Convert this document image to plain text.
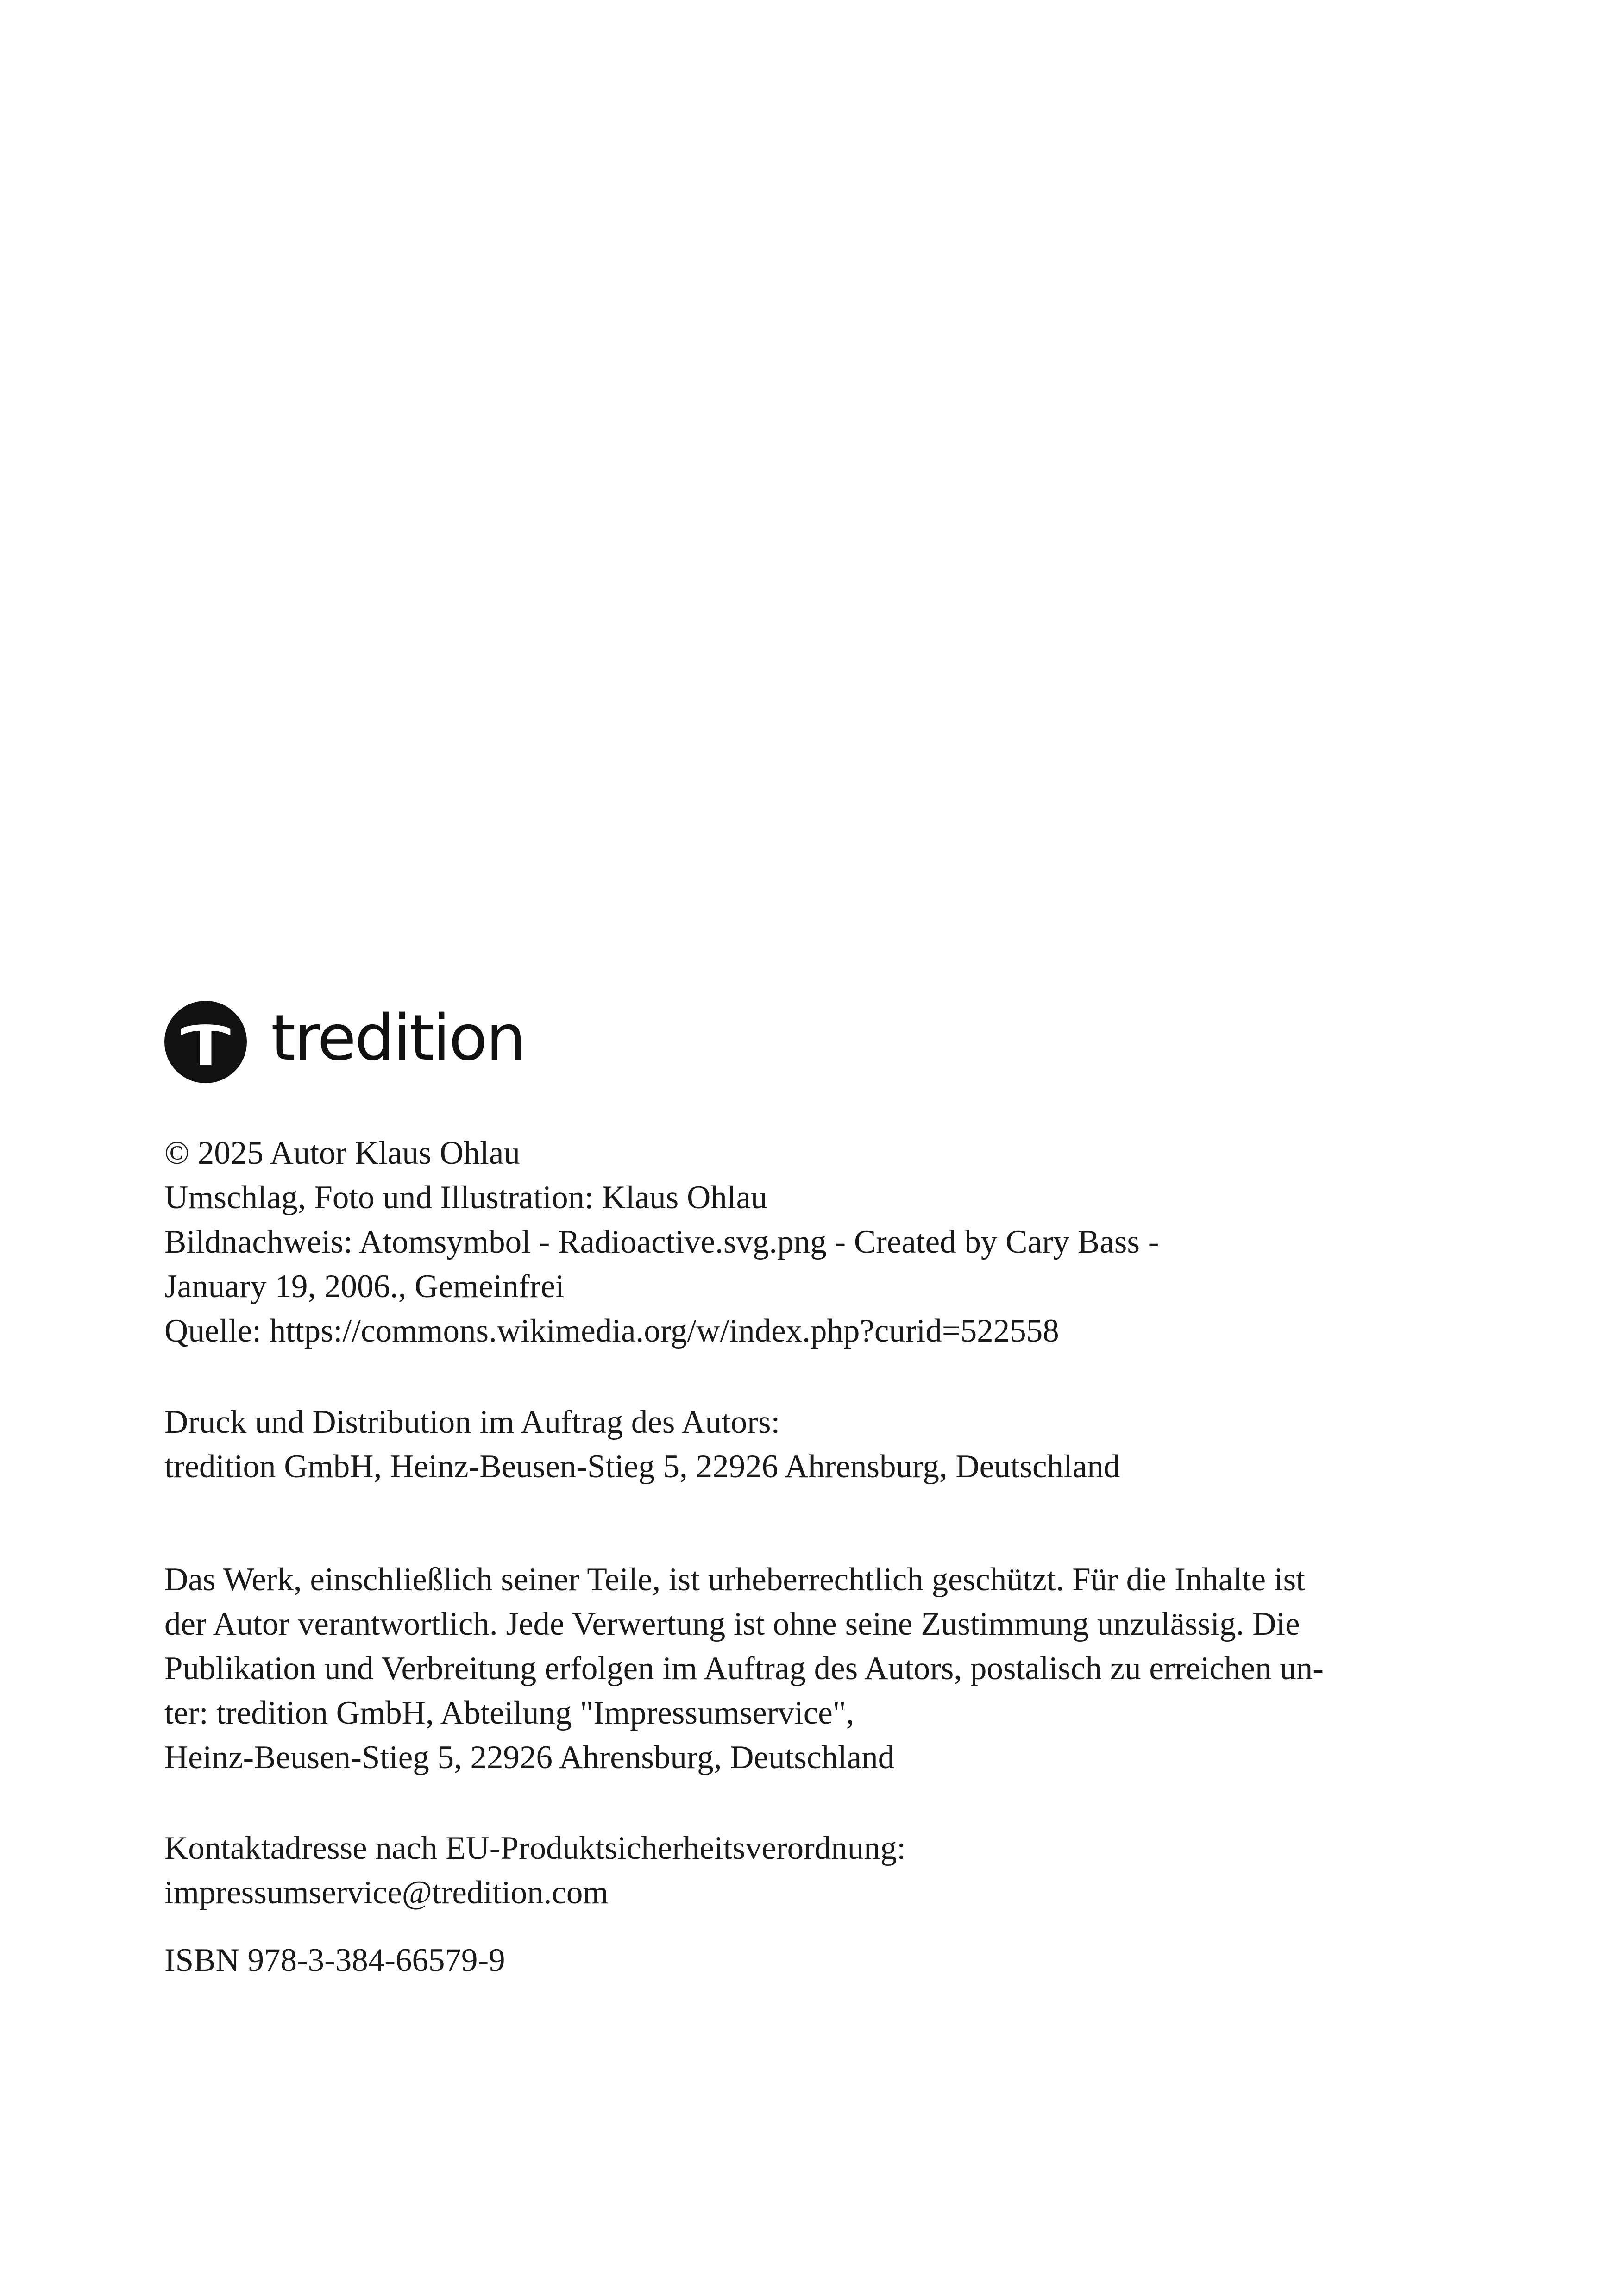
tredition
© 2025 Autor Klaus Ohlau
Umschlag, Foto und Illustration: Klaus Ohlau
Bildnachweis: Atomsymbol - Radioactive.svg.png - Created by Cary Bass -
January 19, 2006., Gemeinfrei
Quelle: https://commons.wikimedia.org/w/index.php?curid=522558
Druck und Distribution im Auftrag des Autors:
tredition GmbH, Heinz-Beusen-Stieg 5, 22926 Ahrensburg, Deutschland
Das Werk, einschließlich seiner Teile, ist urheberrechtlich geschützt. Für die Inhalte ist
der Autor verantwortlich. Jede Verwertung ist ohne seine Zustimmung unzulässig. Die
Publikation und Verbreitung erfolgen im Auftrag des Autors, postalisch zu erreichen un-
ter: tredition GmbH, Abteilung "Impressumservice",
Heinz-Beusen-Stieg 5, 22926 Ahrensburg, Deutschland
Kontaktadresse nach EU-Produktsicherheitsverordnung:
impressumservice@tredition.com
ISBN 978-3-384-66579-9
